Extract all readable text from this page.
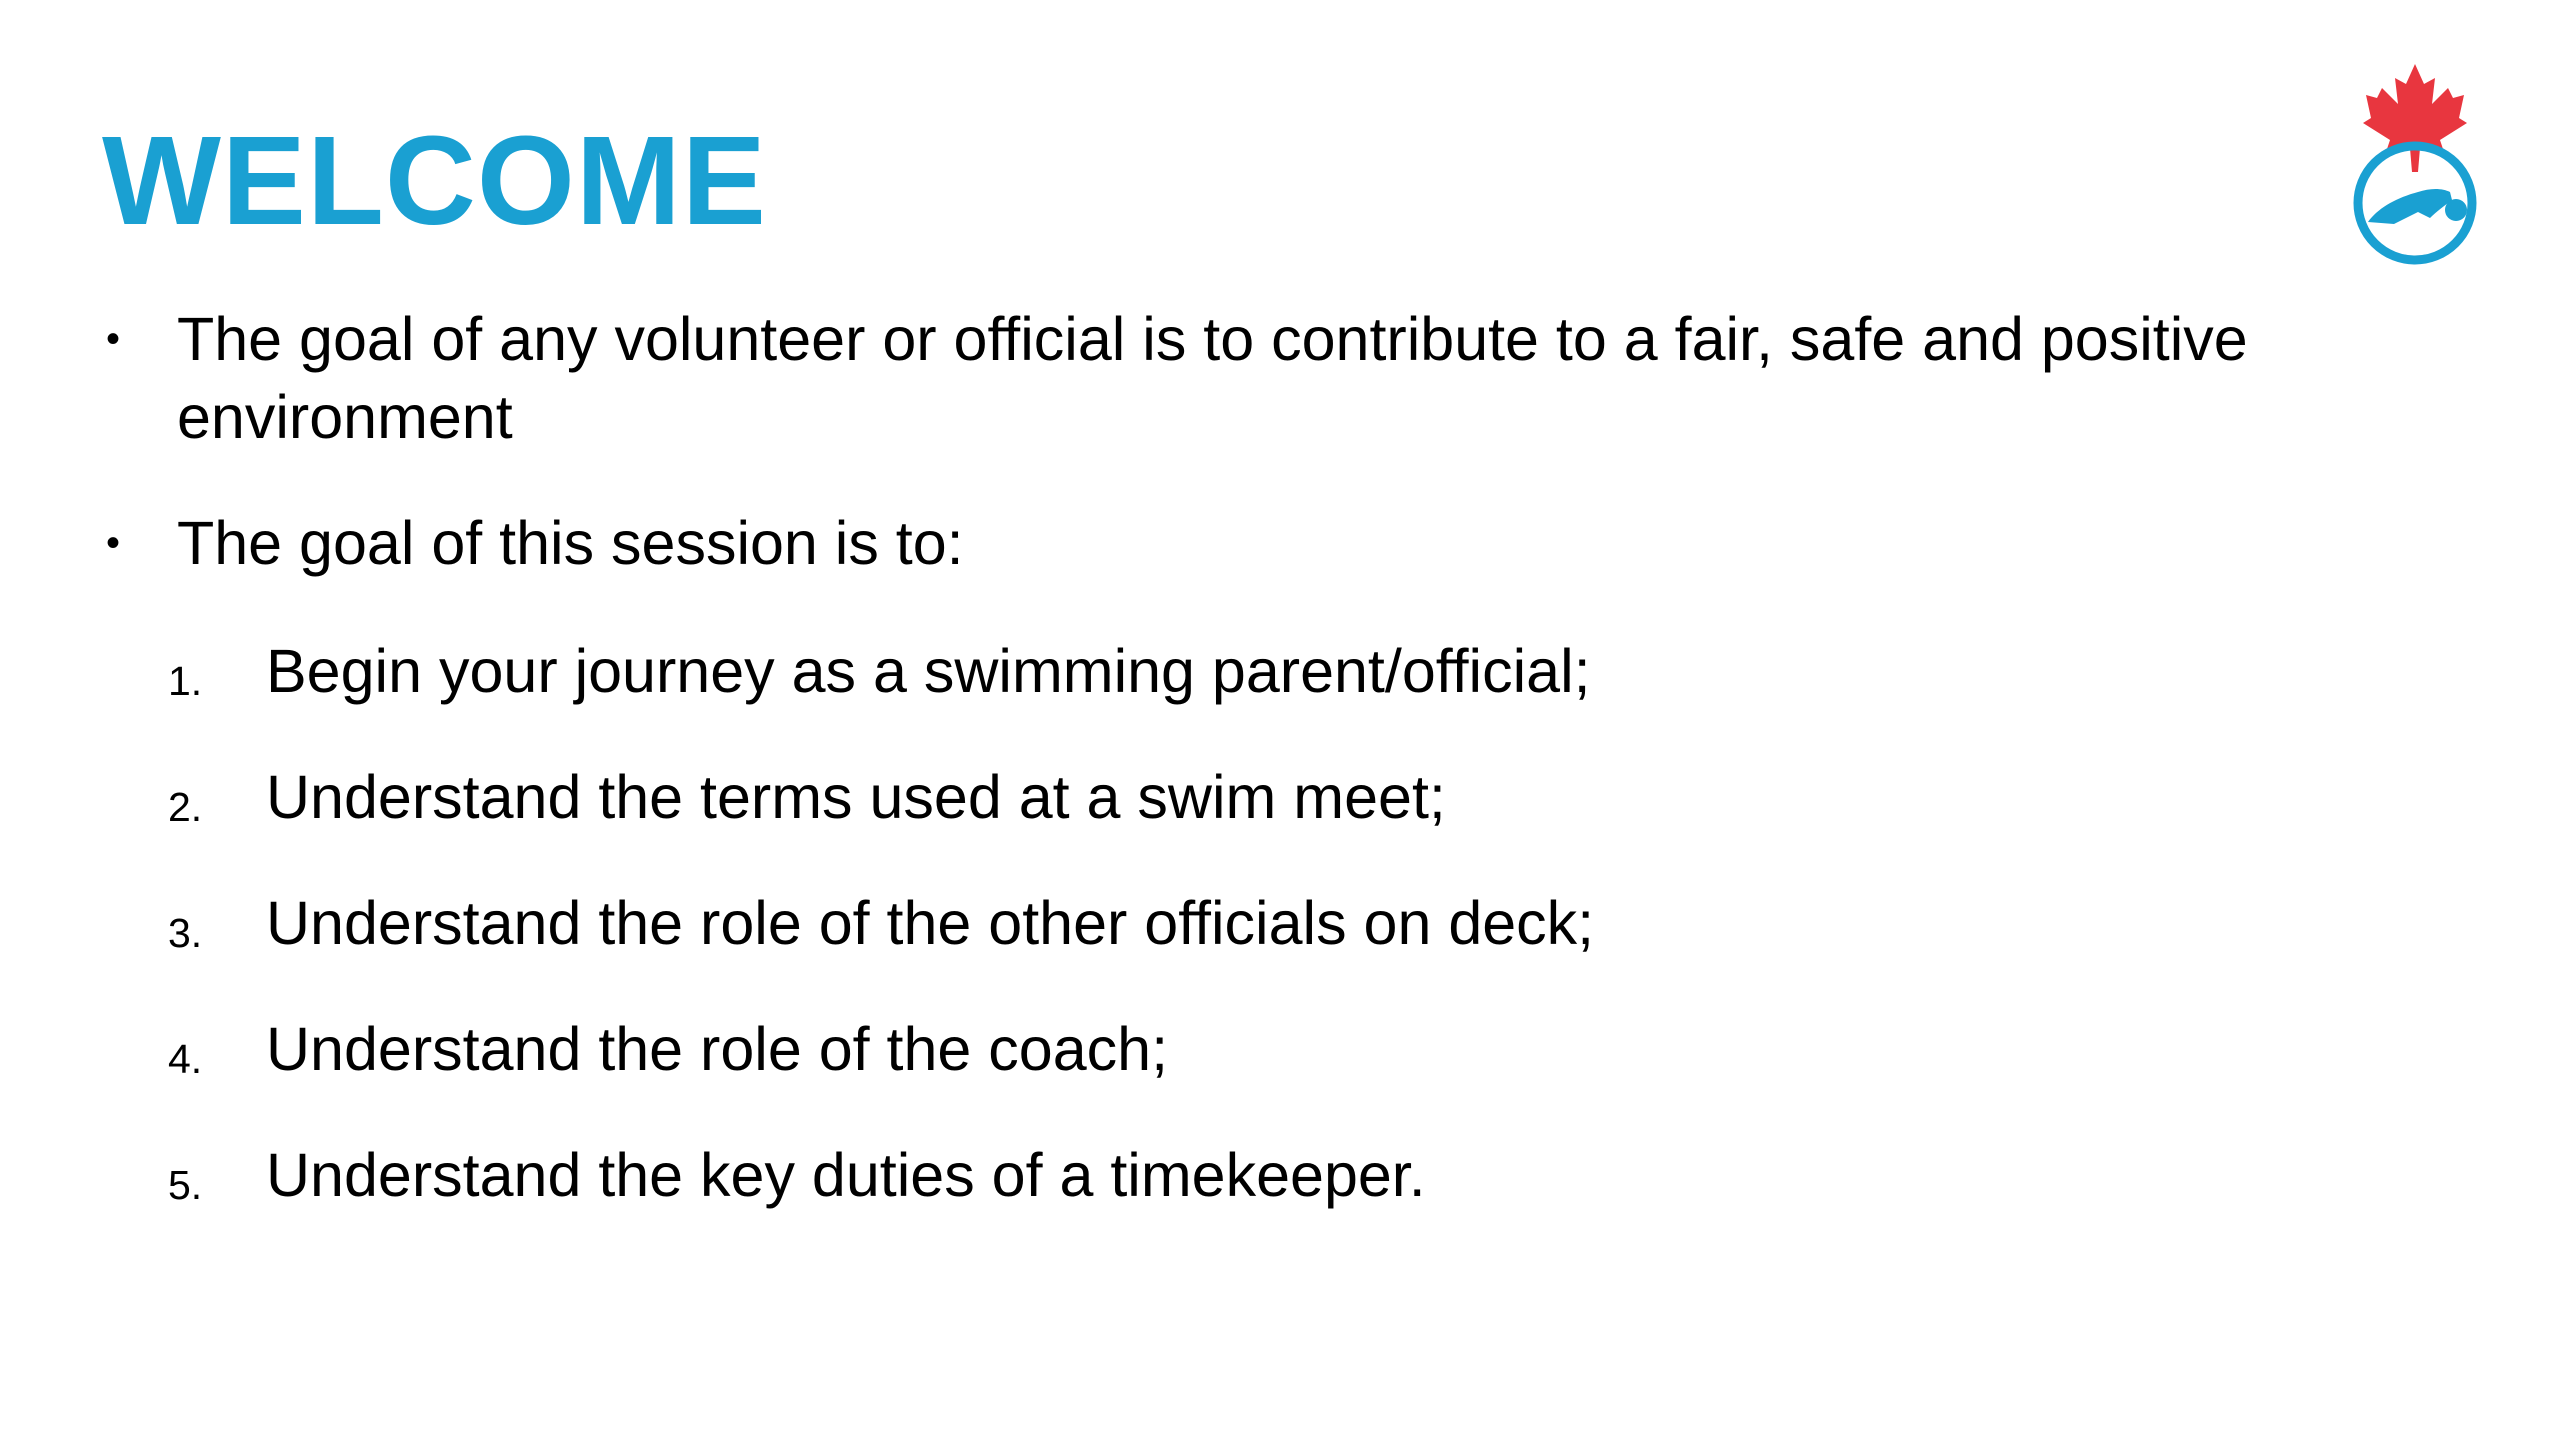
WELCOME
• The goal of any volunteer or official is to contribute to a fair, safe and positive environment
• The goal of this session is to:
1. Begin your journey as a swimming parent/official;
2. Understand the terms used at a swim meet;
3. Understand the role of the other officials on deck;
4. Understand the role of the coach;
5. Understand the key duties of a timekeeper.
